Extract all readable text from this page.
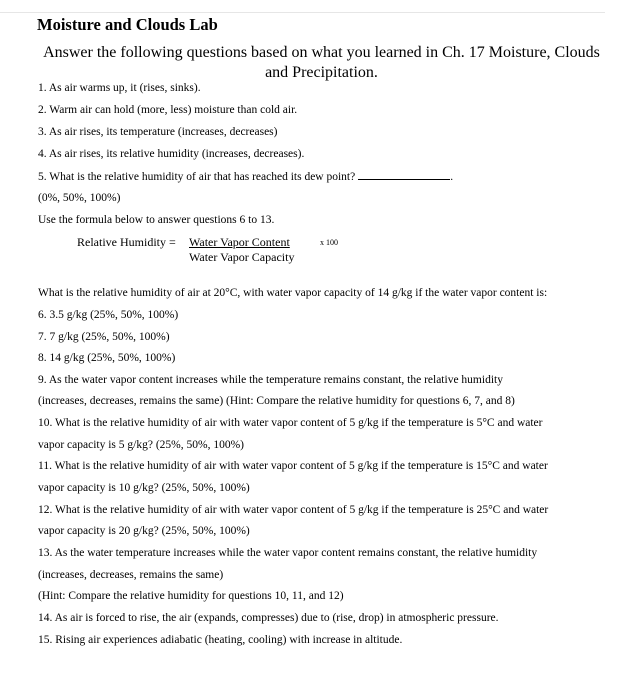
Moisture and Clouds Lab
Answer the following questions based on what you learned in Ch. 17 Moisture, Clouds and Precipitation.
1. As air warms up, it (rises, sinks).
2. Warm air can hold (more, less) moisture than cold air.
3. As air rises, its temperature (increases, decreases)
4. As air rises, its relative humidity (increases, decreases).
5. What is the relative humidity of air that has reached its dew point?	.
(0%, 50%, 100%)
Use the formula below to answer questions 6 to 13.
Relative Humidity = Water Vapor Content	x 100
Water Vapor Capacity
What is the relative humidity of air at 20°C, with water vapor capacity of 14 g/kg if the water vapor content is:
6. 3.5 g/kg (25%, 50%, 100%)
7. 7 g/kg (25%, 50%, 100%)
8. 14 g/kg (25%, 50%, 100%)
9. As the water vapor content increases while the temperature remains constant, the relative humidity
(increases, decreases, remains the same) (Hint: Compare the relative humidity for questions 6, 7, and 8)
10. What is the relative humidity of air with water vapor content of 5 g/kg if the temperature is 5°C and water
vapor capacity is 5 g/kg? (25%, 50%, 100%)
11. What is the relative humidity of air with water vapor content of 5 g/kg if the temperature is 15°C and water
vapor capacity is 10 g/kg? (25%, 50%, 100%)
12. What is the relative humidity of air with water vapor content of 5 g/kg if the temperature is 25°C and water
vapor capacity is 20 g/kg? (25%, 50%, 100%)
13. As the water temperature increases while the water vapor content remains constant, the relative humidity
(increases, decreases, remains the same)
(Hint: Compare the relative humidity for questions 10, 11, and 12)
14. As air is forced to rise, the air (expands, compresses) due to (rise, drop) in atmospheric pressure.
15. Rising air experiences adiabatic (heating, cooling) with increase in altitude.
